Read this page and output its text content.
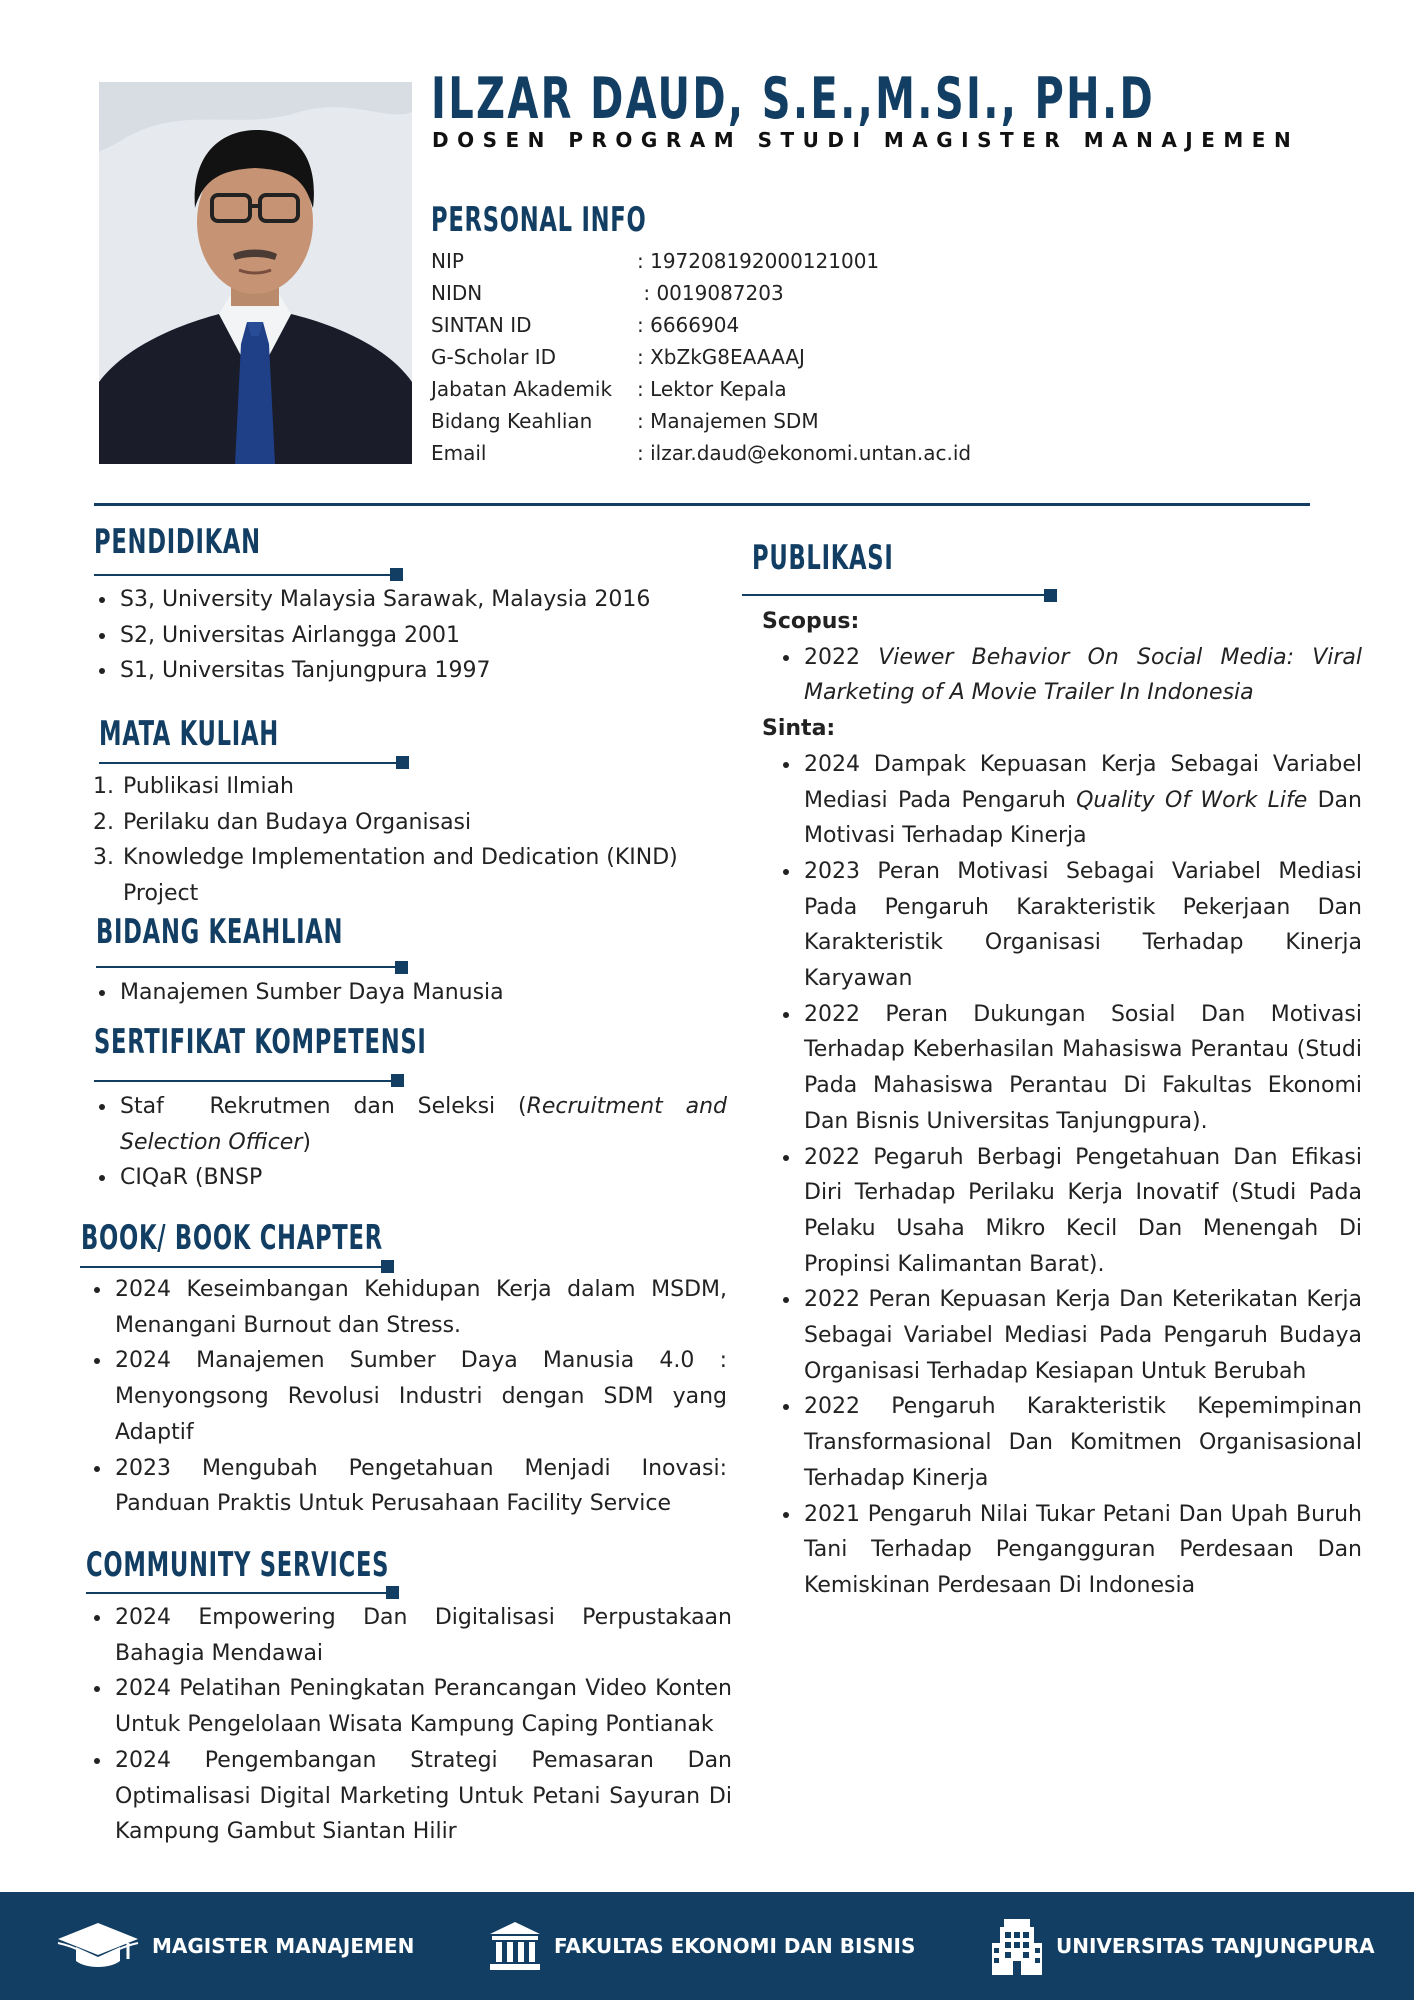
ILZAR DAUD, S.E.,M.SI., PH.D
DOSEN PROGRAM STUDI MAGISTER MANAJEMEN
PERSONAL INFO
NIP	: 197208192000121001
NIDN	: 0019087203
SINTAN ID	: 6666904
G-Scholar ID	: XbZkG8EAAAAJ
Jabatan Akademik	: Lektor Kepala
Bidang Keahlian	: Manajemen SDM
Email	: ilzar.daud@ekonomi.untan.ac.id
PENDIDIKAN
• S3, University Malaysia Sarawak, Malaysia 2016
• S2, Universitas Airlangga 2001
• S1, Universitas Tanjungpura 1997
MATA KULIAH
1. Publikasi Ilmiah
2. Perilaku dan Budaya Organisasi
3. Knowledge Implementation and Dedication (KIND) Project
BIDANG KEAHLIAN
• Manajemen Sumber Daya Manusia
SERTIFIKAT KOMPETENSI
• Staf  Rekrutmen dan Seleksi (Recruitment and Selection Officer)
• CIQaR (BNSP
BOOK/ BOOK CHAPTER
• 2024 Keseimbangan Kehidupan Kerja dalam MSDM, Menangani Burnout dan Stress.
• 2024 Manajemen Sumber Daya Manusia 4.0 : Menyongsong Revolusi Industri dengan SDM yang Adaptif
• 2023 Mengubah Pengetahuan Menjadi Inovasi: Panduan Praktis Untuk Perusahaan Facility Service
COMMUNITY SERVICES
• 2024 Empowering Dan Digitalisasi Perpustakaan Bahagia Mendawai
• 2024 Pelatihan Peningkatan Perancangan Video Konten Untuk Pengelolaan Wisata Kampung Caping Pontianak
• 2024 Pengembangan Strategi Pemasaran Dan Optimalisasi Digital Marketing Untuk Petani Sayuran Di Kampung Gambut Siantan Hilir
PUBLIKASI
Scopus:
• 2022 Viewer Behavior On Social Media: Viral Marketing of A Movie Trailer In Indonesia
Sinta:
• 2024 Dampak Kepuasan Kerja Sebagai Variabel Mediasi Pada Pengaruh Quality Of Work Life Dan Motivasi Terhadap Kinerja
• 2023 Peran Motivasi Sebagai Variabel Mediasi Pada Pengaruh Karakteristik Pekerjaan Dan Karakteristik Organisasi Terhadap Kinerja Karyawan
• 2022 Peran Dukungan Sosial Dan Motivasi Terhadap Keberhasilan Mahasiswa Perantau (Studi Pada Mahasiswa Perantau Di Fakultas Ekonomi Dan Bisnis Universitas Tanjungpura).
• 2022 Pegaruh Berbagi Pengetahuan Dan Efikasi Diri Terhadap Perilaku Kerja Inovatif (Studi Pada Pelaku Usaha Mikro Kecil Dan Menengah Di Propinsi Kalimantan Barat).
• 2022 Peran Kepuasan Kerja Dan Keterikatan Kerja Sebagai Variabel Mediasi Pada Pengaruh Budaya Organisasi Terhadap Kesiapan Untuk Berubah
• 2022 Pengaruh Karakteristik Kepemimpinan Transformasional Dan Komitmen Organisasional Terhadap Kinerja
• 2021 Pengaruh Nilai Tukar Petani Dan Upah Buruh Tani Terhadap Pengangguran Perdesaan Dan Kemiskinan Perdesaan Di Indonesia
MAGISTER MANAJEMEN	FAKULTAS EKONOMI DAN BISNIS	UNIVERSITAS TANJUNGPURA
